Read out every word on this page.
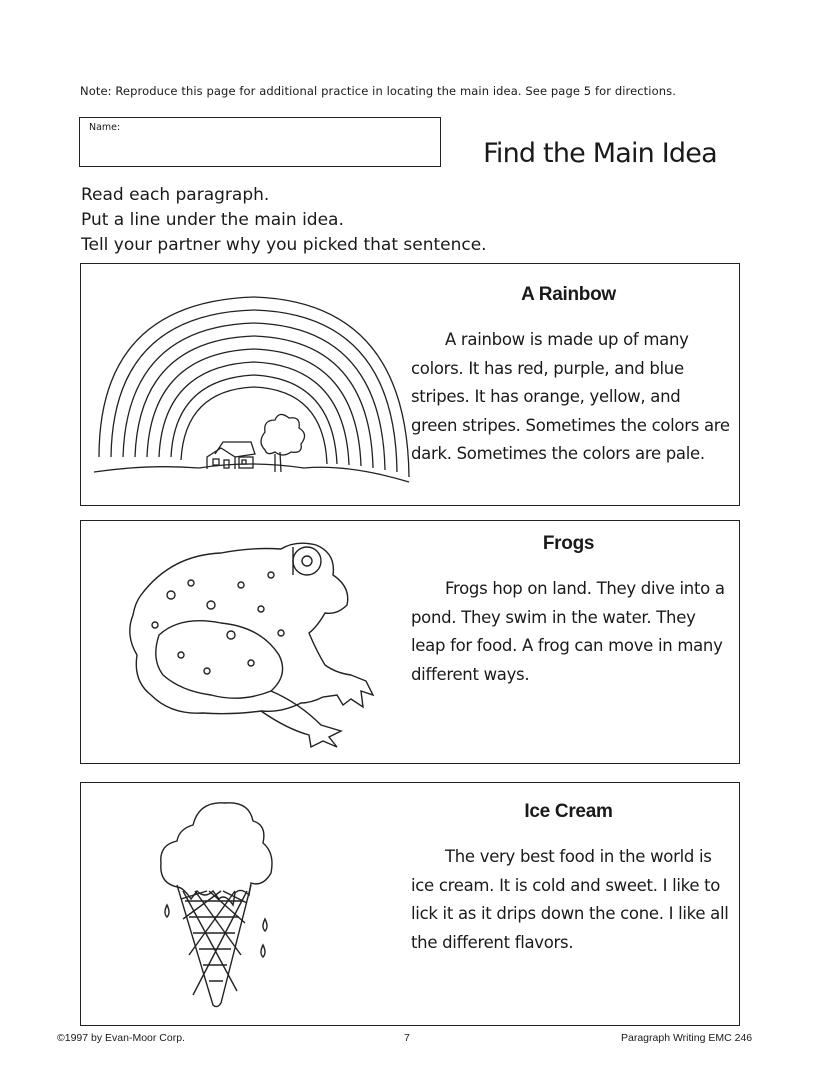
Note: Reproduce this page for additional practice in locating the main idea. See page 5 for directions.
Name:
Find the Main Idea
Read each paragraph.
Put a line under the main idea.
Tell your partner why you picked that sentence.
A Rainbow

A rainbow is made up of many colors. It has red, purple, and blue stripes. It has orange, yellow, and green stripes. Sometimes the colors are dark. Sometimes the colors are pale.

Frogs

Frogs hop on land. They dive into a pond. They swim in the water. They leap for food. A frog can move in many different ways.

Ice Cream

The very best food in the world is ice cream. It is cold and sweet. I like to lick it as it drips down the cone. I like all the different flavors.

©1997 by Evan-Moor Corp.	7	Paragraph Writing EMC 246
